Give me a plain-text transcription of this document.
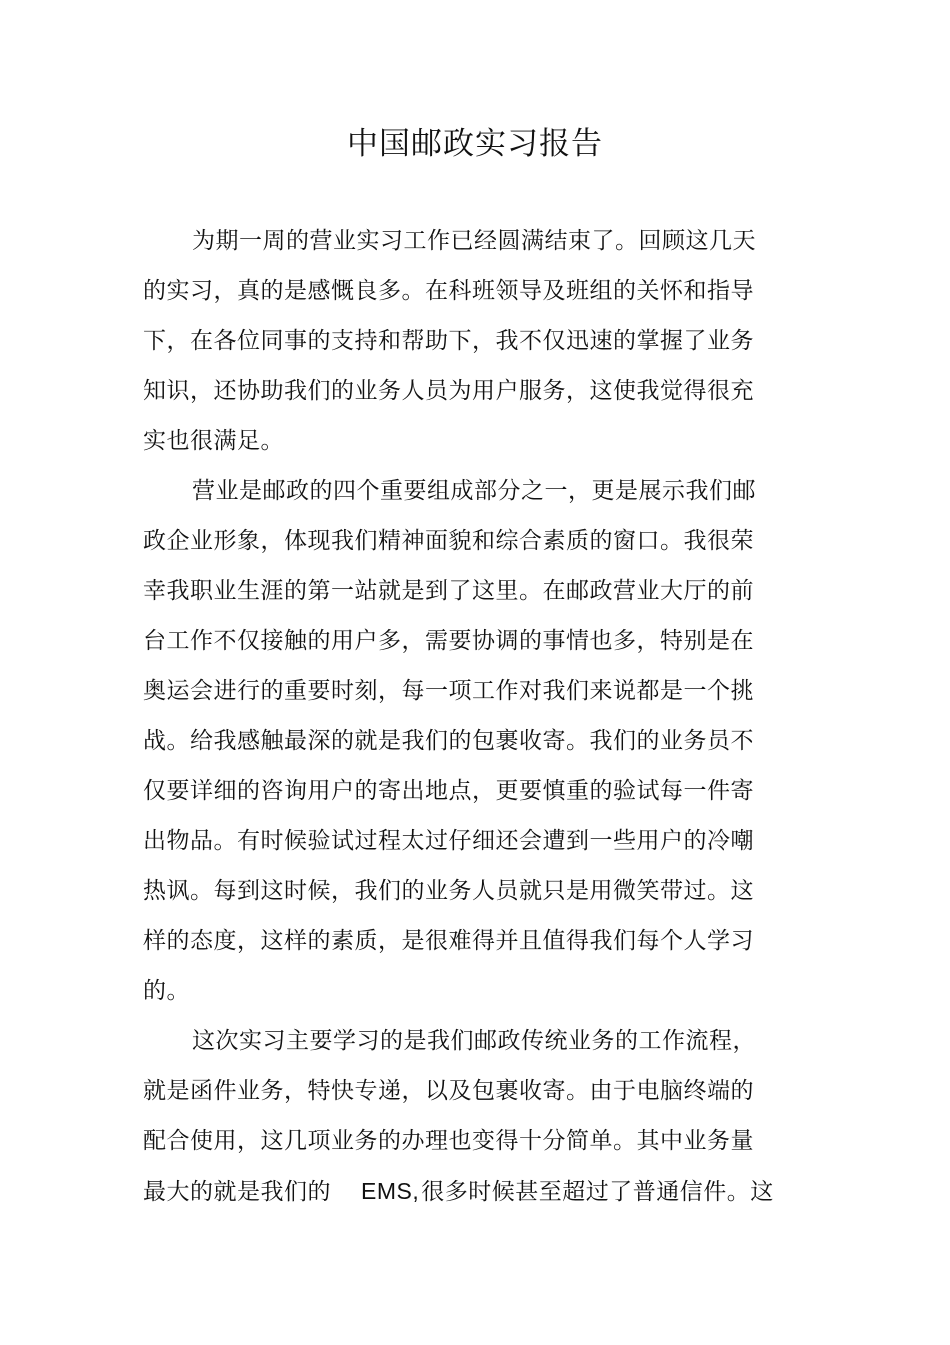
中国邮政实习报告
为期一周的营业实习工作已经圆满结束了。回顾这几天
的实习，真的是感慨良多。在科班领导及班组的关怀和指导
下，在各位同事的支持和帮助下，我不仅迅速的掌握了业务
知识，还协助我们的业务人员为用户服务，这使我觉得很充
实也很满足。
营业是邮政的四个重要组成部分之一，更是展示我们邮
政企业形象，体现我们精神面貌和综合素质的窗口。我很荣
幸我职业生涯的第一站就是到了这里。在邮政营业大厅的前
台工作不仅接触的用户多，需要协调的事情也多，特别是在
奥运会进行的重要时刻，每一项工作对我们来说都是一个挑
战。给我感触最深的就是我们的包裹收寄。我们的业务员不
仅要详细的咨询用户的寄出地点，更要慎重的验试每一件寄
出物品。有时候验试过程太过仔细还会遭到一些用户的冷嘲
热讽。每到这时候，我们的业务人员就只是用微笑带过。这
样的态度，这样的素质，是很难得并且值得我们每个人学习
的。
这次实习主要学习的是我们邮政传统业务的工作流程，
就是函件业务，特快专递，以及包裹收寄。由于电脑终端的
配合使用，这几项业务的办理也变得十分简单。其中业务量
最大的就是我们的 EMS,很多时候甚至超过了普通信件。这
